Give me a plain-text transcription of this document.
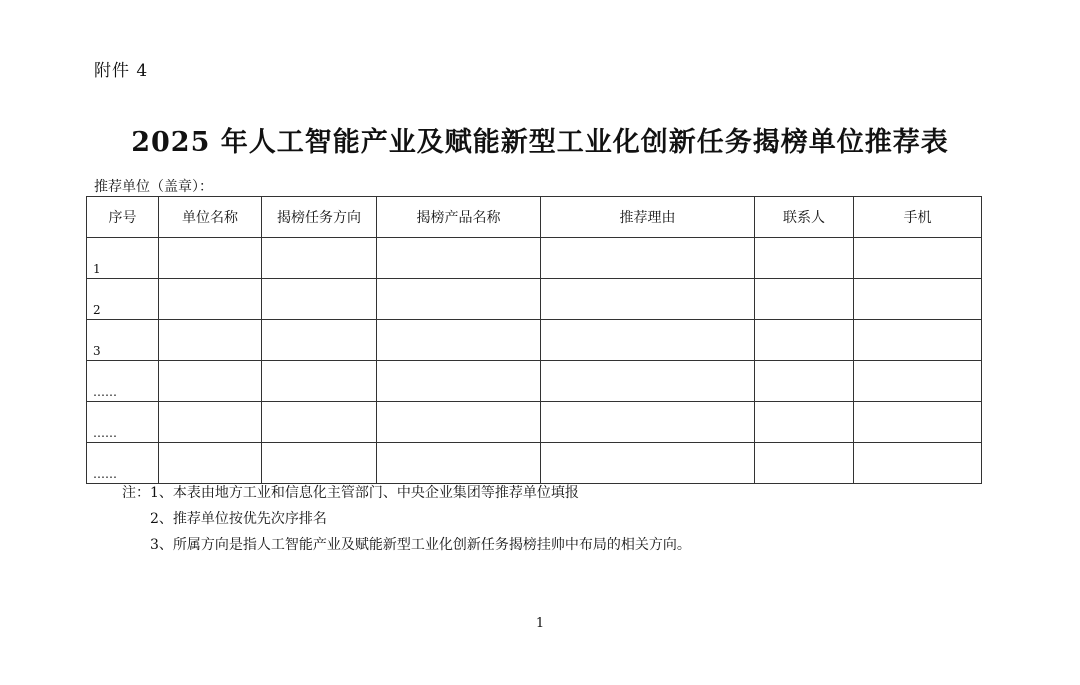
附件 4
2025 年人工智能产业及赋能新型工业化创新任务揭榜单位推荐表
推荐单位（盖章）：
序号	单位名称	揭榜任务方向	揭榜产品名称	推荐理由	联系人	手机
1						
2						
3						
……						
……						
……						
注： 1、本表由地方工业和信息化主管部门、中央企业集团等推荐单位填报
2、推荐单位按优先次序排名
3、所属方向是指人工智能产业及赋能新型工业化创新任务揭榜挂帅中布局的相关方向。
1
